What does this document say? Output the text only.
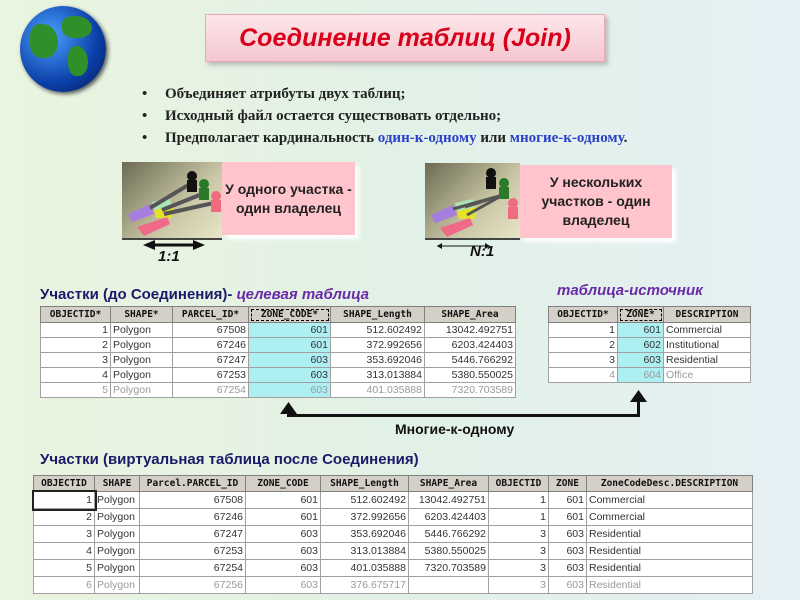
Соединение таблиц (Join)
• Объединяет атрибуты двух таблиц;
• Исходный файл остается существовать отдельно;
• Предполагает кардинальность один-к-одному или многие-к-одному.
У одного участка - один владелец
1:1
У нескольких участков - один владелец
N:1
Участки (до Соединения)- целевая таблица	таблица-источник
OBJECTID*	SHAPE*	PARCEL_ID*	ZONE_CODE*	SHAPE_Length	SHAPE_Area
1	Polygon	67508	601	512.602492	13042.492751
2	Polygon	67246	601	372.992656	6203.424403
3	Polygon	67247	603	353.692046	5446.766292
4	Polygon	67253	603	313.013884	5380.550025
5	Polygon	67254	603	401.035888	7320.703589
OBJECTID*	ZONE*	DESCRIPTION
1	601	Commercial
2	602	Institutional
3	603	Residential
4	604	Office
Многие-к-одному
Участки (виртуальная таблица после Соединения)
OBJECTID	SHAPE	Parcel.PARCEL_ID	ZONE_CODE	SHAPE_Length	SHAPE_Area	OBJECTID	ZONE	ZoneCodeDesc.DESCRIPTION
1	Polygon	67508	601	512.602492	13042.492751	1	601	Commercial
2	Polygon	67246	601	372.992656	6203.424403	1	601	Commercial
3	Polygon	67247	603	353.692046	5446.766292	3	603	Residential
4	Polygon	67253	603	313.013884	5380.550025	3	603	Residential
5	Polygon	67254	603	401.035888	7320.703589	3	603	Residential
6	Polygon	67256	603	376.675717		3	603	Residential
